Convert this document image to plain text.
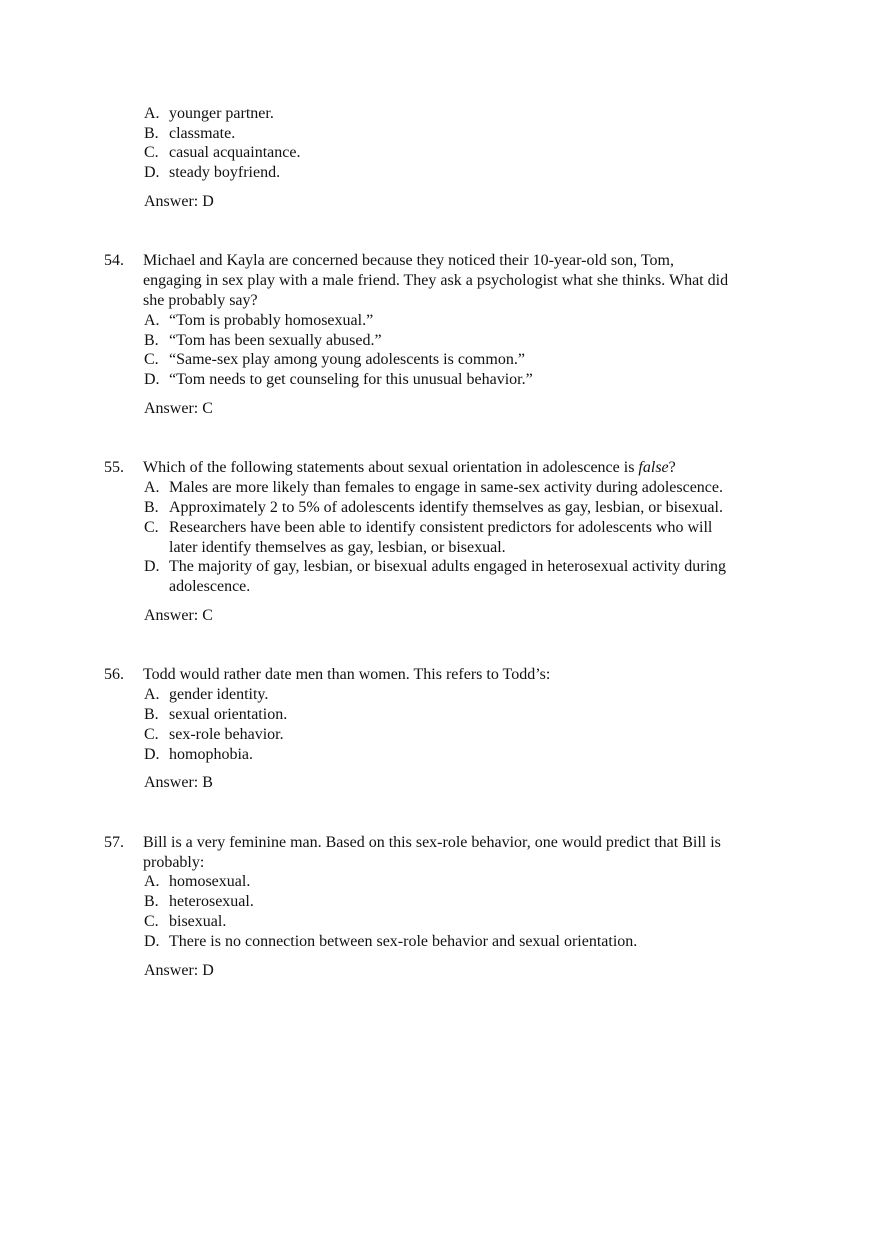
A. younger partner.
B. classmate.
C. casual acquaintance.
D. steady boyfriend.
Answer: D
54. Michael and Kayla are concerned because they noticed their 10-year-old son, Tom,
engaging in sex play with a male friend. They ask a psychologist what she thinks. What did
she probably say?
A. “Tom is probably homosexual.”
B. “Tom has been sexually abused.”
C. “Same-sex play among young adolescents is common.”
D. “Tom needs to get counseling for this unusual behavior.”
Answer: C
55. Which of the following statements about sexual orientation in adolescence is false?
A. Males are more likely than females to engage in same-sex activity during adolescence.
B. Approximately 2 to 5% of adolescents identify themselves as gay, lesbian, or bisexual.
C. Researchers have been able to identify consistent predictors for adolescents who will
later identify themselves as gay, lesbian, or bisexual.
D. The majority of gay, lesbian, or bisexual adults engaged in heterosexual activity during
adolescence.
Answer: C
56. Todd would rather date men than women. This refers to Todd’s:
A. gender identity.
B. sexual orientation.
C. sex-role behavior.
D. homophobia.
Answer: B
57. Bill is a very feminine man. Based on this sex-role behavior, one would predict that Bill is
probably:
A. homosexual.
B. heterosexual.
C. bisexual.
D. There is no connection between sex-role behavior and sexual orientation.
Answer: D
